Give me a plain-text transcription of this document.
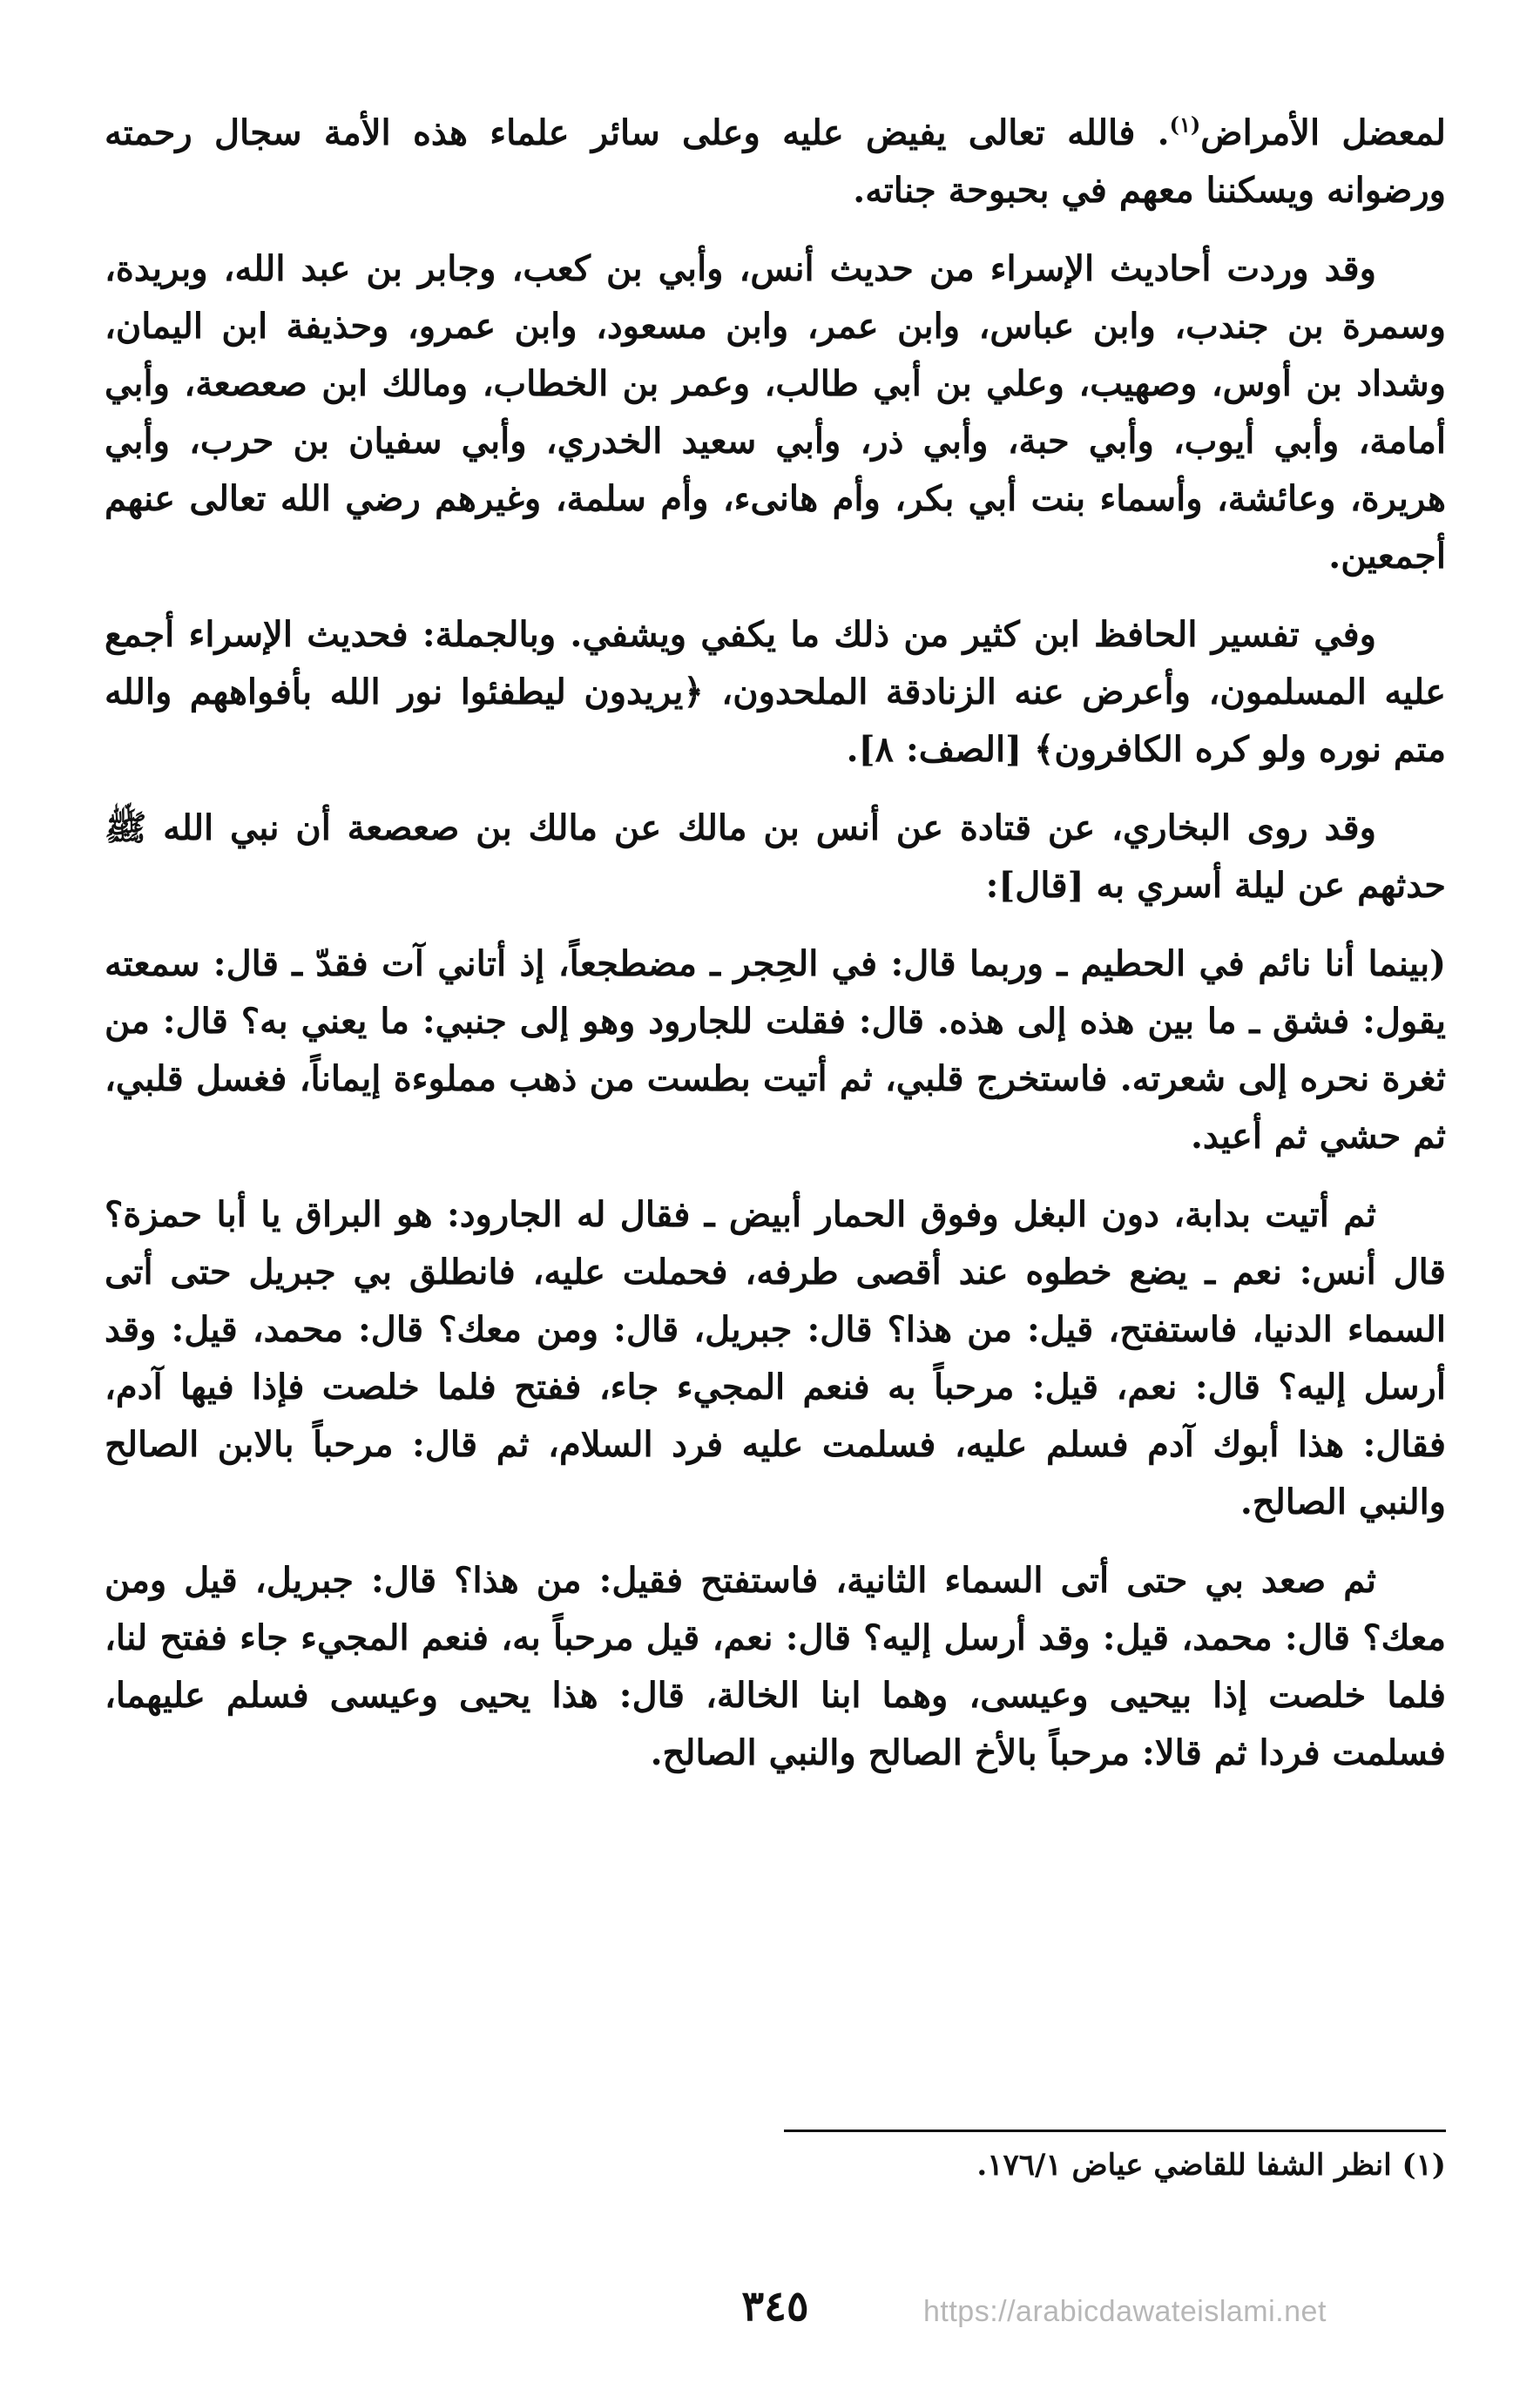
لمعضل الأمراض$^{(١)}$. فالله تعالى يفيض عليه وعلى سائر علماء هذه الأمة سجال رحمته ورضوانه ويسكننا معهم في بحبوحة جناته.

وقد وردت أحاديث الإسراء من حديث أنس، وأبي بن كعب، وجابر بن عبد الله، وبريدة، وسمرة بن جندب، وابن عباس، وابن عمر، وابن مسعود، وابن عمرو، وحذيفة ابن اليمان، وشداد بن أوس، وصهيب، وعلي بن أبي طالب، وعمر بن الخطاب، ومالك ابن صعصعة، وأبي أمامة، وأبي أيوب، وأبي حبة، وأبي ذر، وأبي سعيد الخدري، وأبي سفيان بن حرب، وأبي هريرة، وعائشة، وأسماء بنت أبي بكر، وأم هانىء، وأم سلمة، وغيرهم رضي الله تعالى عنهم أجمعين.

وفي تفسير الحافظ ابن كثير من ذلك ما يكفي ويشفي. وبالجملة: فحديث الإسراء أجمع عليه المسلمون، وأعرض عنه الزنادقة الملحدون، ﴿يريدون ليطفئوا نور الله بأفواههم والله متم نوره ولو كره الكافرون﴾ [الصف: ٨].

وقد روى البخاري، عن قتادة عن أنس بن مالك عن مالك بن صعصعة أن نبي الله ﷺ حدثهم عن ليلة أسري به [قال]:

(بينما أنا نائم في الحطيم ـ وربما قال: في الحِجر ـ مضطجعاً، إذ أتاني آت فقدّ ـ قال: سمعته يقول: فشق ـ ما بين هذه إلى هذه. قال: فقلت للجارود وهو إلى جنبي: ما يعني به؟ قال: من ثغرة نحره إلى شعرته. فاستخرج قلبي، ثم أتيت بطست من ذهب مملوءة إيماناً، فغسل قلبي، ثم حشي ثم أعيد.

ثم أتيت بدابة، دون البغل وفوق الحمار أبيض ـ فقال له الجارود: هو البراق يا أبا حمزة؟ قال أنس: نعم ـ يضع خطوه عند أقصى طرفه، فحملت عليه، فانطلق بي جبريل حتى أتى السماء الدنيا، فاستفتح، قيل: من هذا؟ قال: جبريل، قال: ومن معك؟ قال: محمد، قيل: وقد أرسل إليه؟ قال: نعم، قيل: مرحباً به فنعم المجيء جاء، ففتح فلما خلصت فإذا فيها آدم، فقال: هذا أبوك آدم فسلم عليه، فسلمت عليه فرد السلام، ثم قال: مرحباً بالابن الصالح والنبي الصالح.

ثم صعد بي حتى أتى السماء الثانية، فاستفتح فقيل: من هذا؟ قال: جبريل، قيل ومن معك؟ قال: محمد، قيل: وقد أرسل إليه؟ قال: نعم، قيل مرحباً به، فنعم المجيء جاء ففتح لنا، فلما خلصت إذا بيحيى وعيسى، وهما ابنا الخالة، قال: هذا يحيى وعيسى فسلم عليهما، فسلمت فردا ثم قالا: مرحباً بالأخ الصالح والنبي الصالح.

(١) انظر الشفا للقاضي عياض ١٧٦/١.
٣٤٥	https://arabicdawateislami.net
